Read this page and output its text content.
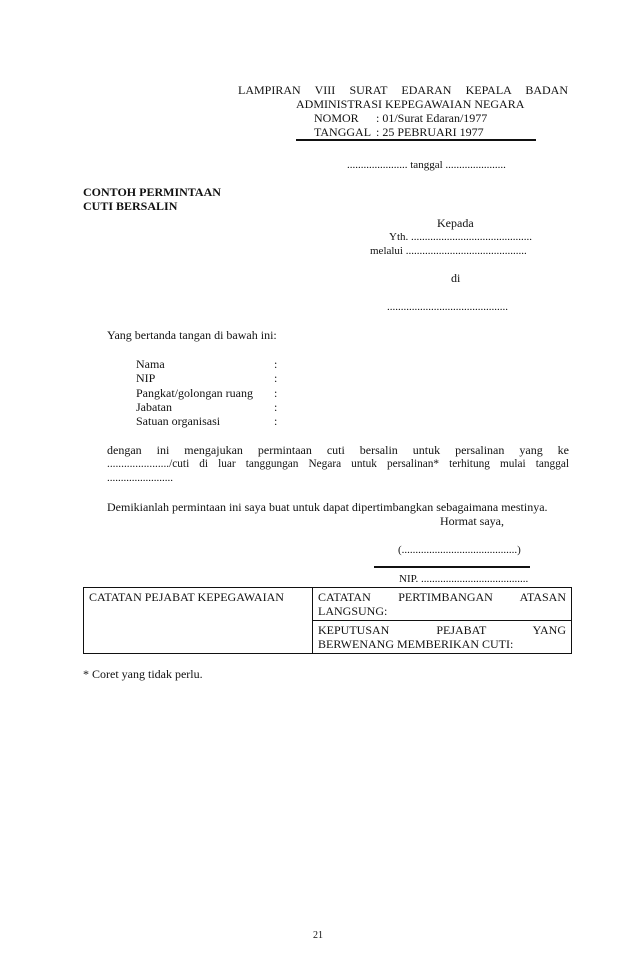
LAMPIRAN VIII SURAT EDARAN KEPALA BADAN
ADMINISTRASI KEPEGAWAIAN NEGARA
NOMOR : 01/Surat Edaran/1977
TANGGAL : 25 PEBRUARI 1977
...................... tanggal ......................
CONTOH PERMINTAAN
CUTI BERSALIN
Kepada
Yth. ............................................
melalui ............................................
di
............................................
Yang bertanda tangan di bawah ini:
Nama	:
NIP	:
Pangkat/golongan ruang :
Jabatan	:
Satuan organisasi	:
dengan ini mengajukan permintaan cuti bersalin untuk persalinan yang ke
....................../cuti di luar tanggungan Negara untuk persalinan* terhitung mulai tanggal
........................
Demikianlah permintaan ini saya buat untuk dapat dipertimbangkan sebagaimana mestinya.
Hormat saya,
(..........................................)
NIP. .......................................
CATATAN PEJABAT KEPEGAWAIAN	CATATAN PERTIMBANGAN ATASAN
LANGSUNG:

KEPUTUSAN PEJABAT YANG
BERWENANG MEMBERIKAN CUTI:
* Coret yang tidak perlu.
21
